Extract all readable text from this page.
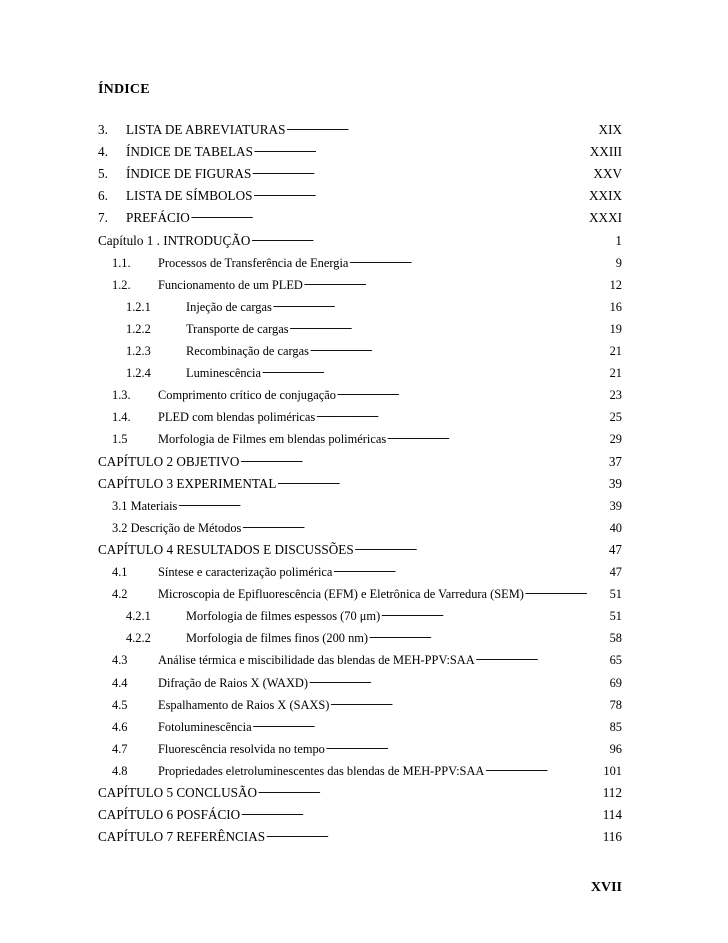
ÍNDICE
3.	LISTA DE ABREVIATURAS . . .	XIX
4.	ÍNDICE DE TABELAS . . .	XXIII
5.	ÍNDICE DE FIGURAS . . .	XXV
6.	LISTA DE SÍMBOLOS . . .	XXIX
7.	PREFÁCIO . . .	XXXI
Capítulo 1 . INTRODUÇÃO . . .	1
1.1.	Processos de Transferência de Energia . . .	9
1.2.	Funcionamento de um PLED . . .	12
1.2.1	Injeção de cargas . . .	16
1.2.2	Transporte de cargas . . .	19
1.2.3	Recombinação de cargas . . .	21
1.2.4	Luminescência . . .	21
1.3.	Comprimento crítico de conjugação . . .	23
1.4.	PLED com blendas poliméricas . . .	25
1.5	Morfologia de Filmes em blendas poliméricas . . .	29
CAPÍTULO 2 OBJETIVO . . .	37
CAPÍTULO 3 EXPERIMENTAL . . .	39
3.1 Materiais . . .	39
3.2 Descrição de Métodos . . .	40
CAPÍTULO 4 RESULTADOS E DISCUSSÕES . . .	47
4.1	Síntese e caracterização polimérica . . .	47
4.2	Microscopia de Epifluorescência (EFM) e Eletrônica de Varredura (SEM) . . .	51
4.2.1	Morfologia de filmes espessos (70 μm) . . .	51
4.2.2	Morfologia de filmes finos (200 nm) . . .	58
4.3	Análise térmica e miscibilidade das blendas de MEH-PPV:SAA . . .	65
4.4	Difração de Raios X (WAXD) . . .	69
4.5	Espalhamento de Raios X (SAXS) . . .	78
4.6	Fotoluminescência . . .	85
4.7	Fluorescência resolvida no tempo . . .	96
4.8	Propriedades eletroluminescentes das blendas de MEH-PPV:SAA . . .	101
CAPÍTULO 5 CONCLUSÃO . . .	112
CAPÍTULO 6 POSFÁCIO . . .	114
CAPÍTULO 7 REFERÊNCIAS . . .	116
XVII
